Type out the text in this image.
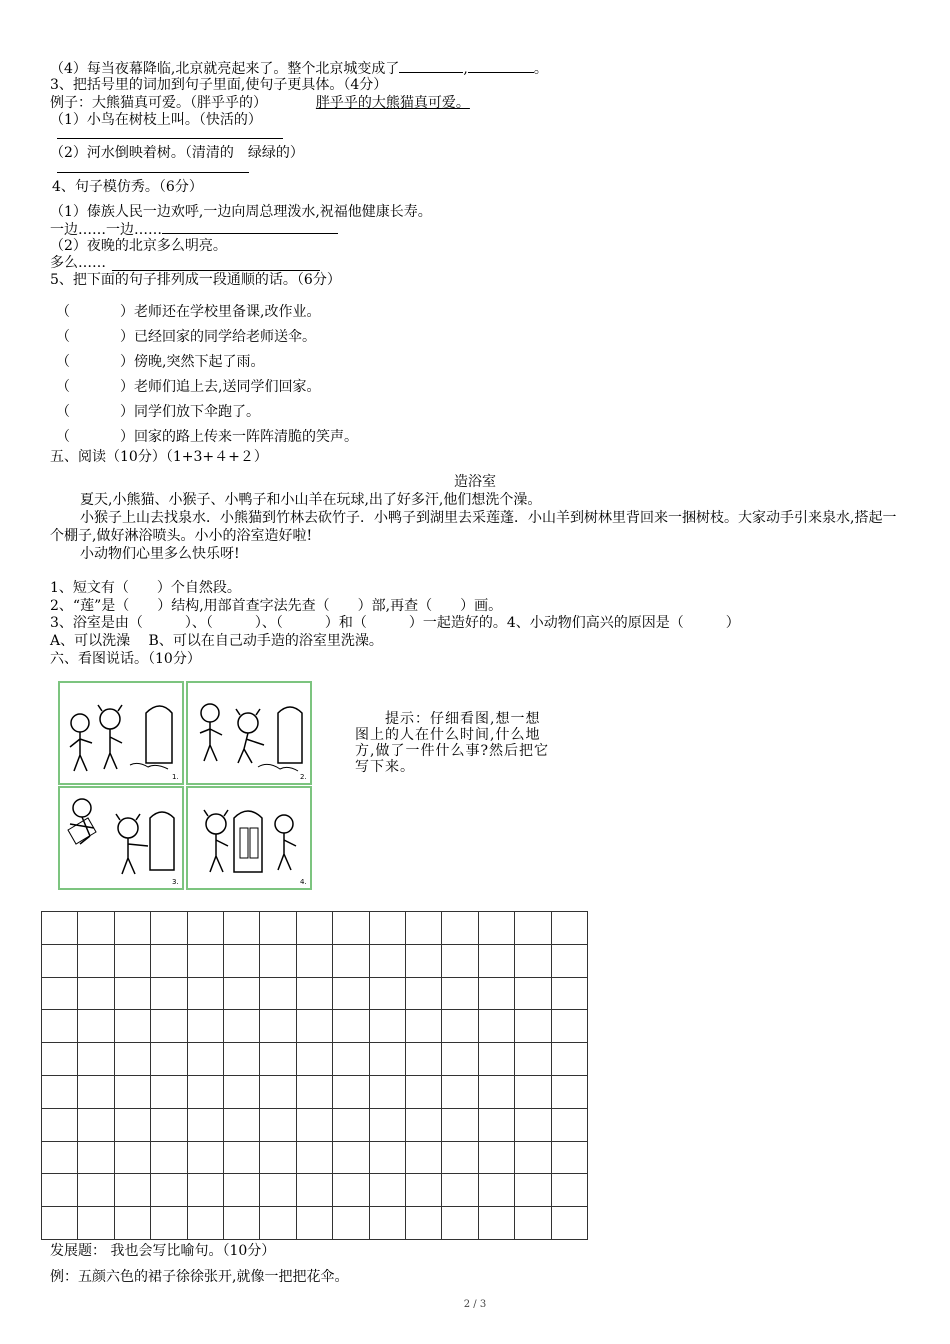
（4）每当夜幕降临,北京就亮起来了。整个北京城变成了	,	。
3、把括号里的词加到句子里面,使句子更具体。（4分）
例子：大熊猫真可爱。（胖乎乎的）	胖乎乎的大熊猫真可爱。
（1）小鸟在树枝上叫。（快活的）
（2）河水倒映着树。（清清的　绿绿的）
4、句子模仿秀。（6分）
（1）傣族人民一边欢呼,一边向周总理泼水,祝福他健康长寿。
一边……一边……
（2）夜晚的北京多么明亮。
多么……
5、把下面的句子排列成一段通顺的话。（6分）
（	）老师还在学校里备课,改作业。
（	）已经回家的同学给老师送伞。
（	）傍晚,突然下起了雨。
（	）老师们追上去,送同学们回家。
（	）同学们放下伞跑了。
（	）回家的路上传来一阵阵清脆的笑声。
五、阅读（10分）（1+3+４+２）
造浴室
夏天,小熊猫、小猴子、小鸭子和小山羊在玩球,出了好多汗,他们想洗个澡。
小猴子上山去找泉水．小熊猫到竹林去砍竹子．小鸭子到湖里去采莲蓬．小山羊到树林里背回来一捆树枝。大家动手引来泉水,搭起一个棚子,做好淋浴喷头。小小的浴室造好啦!
小动物们心里多么快乐呀!
1、短文有（　　）个自然段。
2、“莲”是（　　）结构,用部首查字法先查（　　）部,再查（　　）画。
3、浴室是由（　　　）、（　　　）、（　　　）和（　　　）一起造好的。4、小动物们高兴的原因是（　　　）
A、可以洗澡　 B、可以在自己动手造的浴室里洗澡。
六、看图说话。（10分）
1.	2.
3.	4.
　　提示：仔细看图,想一想图上的人在什么时间,什么地方,做了一件什么事?然后把它写下来。
发展题： 我也会写比喻句。（10分）
例：五颜六色的裙子徐徐张开,就像一把把花伞。
2 / 3
